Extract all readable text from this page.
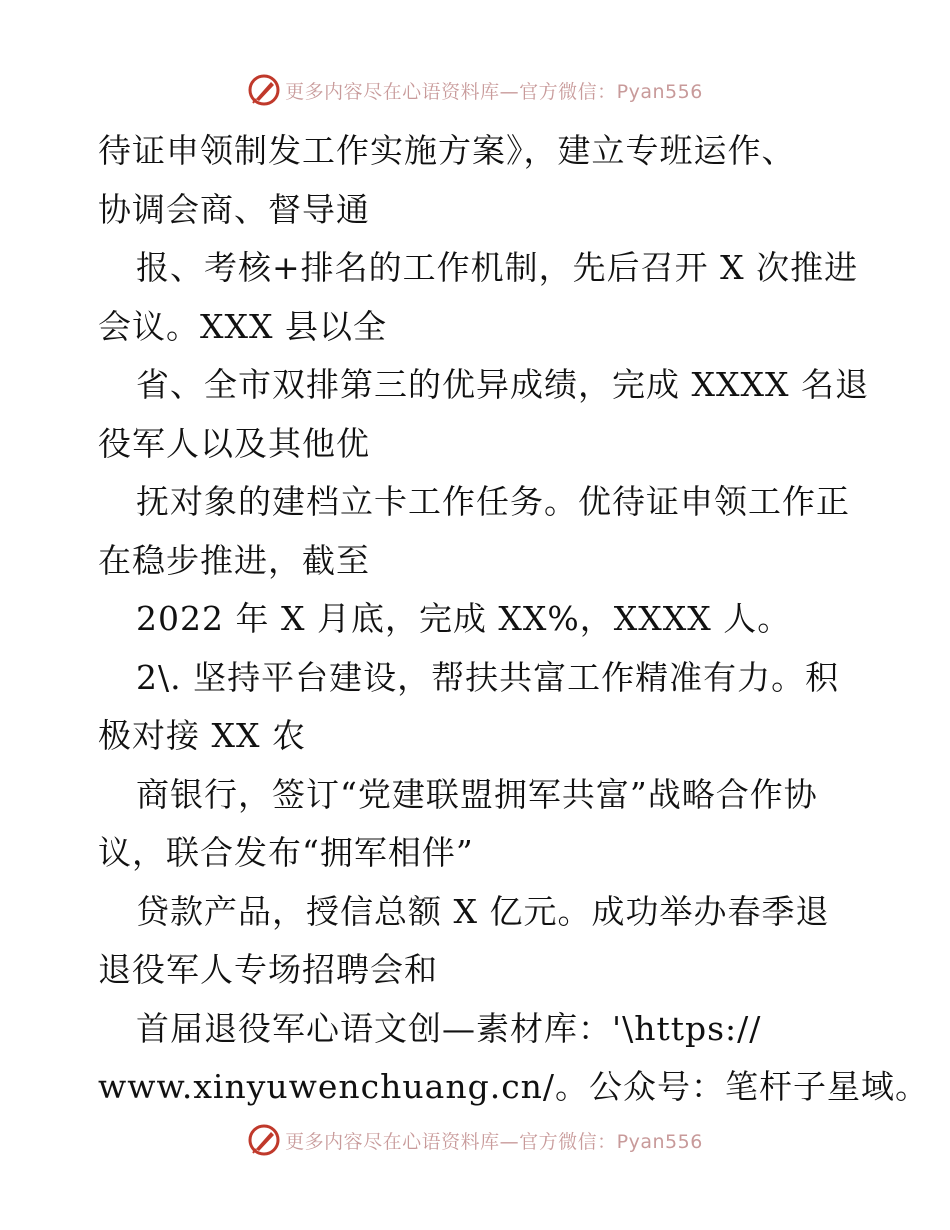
更多内容尽在心语资料库—官方微信：Pyan556
待证申领制发工作实施方案》，建立专班运作、
协调会商、督导通
报、考核+排名的工作机制，先后召开 X 次推进
会议。XXX 县以全
省、全市双排第三的优异成绩，完成 XXXX 名退
役军人以及其他优
抚对象的建档立卡工作任务。优待证申领工作正
在稳步推进，截至
2022 年 X 月底，完成 XX%，XXXX 人。
2\. 坚持平台建设，帮扶共富工作精准有力。积
极对接 XX 农
商银行，签订“党建联盟拥军共富”战略合作协
议，联合发布“拥军相伴”
贷款产品，授信总额 X 亿元。成功举办春季退
退役军人专场招聘会和
首届退役军心语文创—素材库：'\https://
www.xinyuwenchuang.cn/。公众号：笔杆子星域。
更多内容尽在心语资料库—官方微信：Pyan556
